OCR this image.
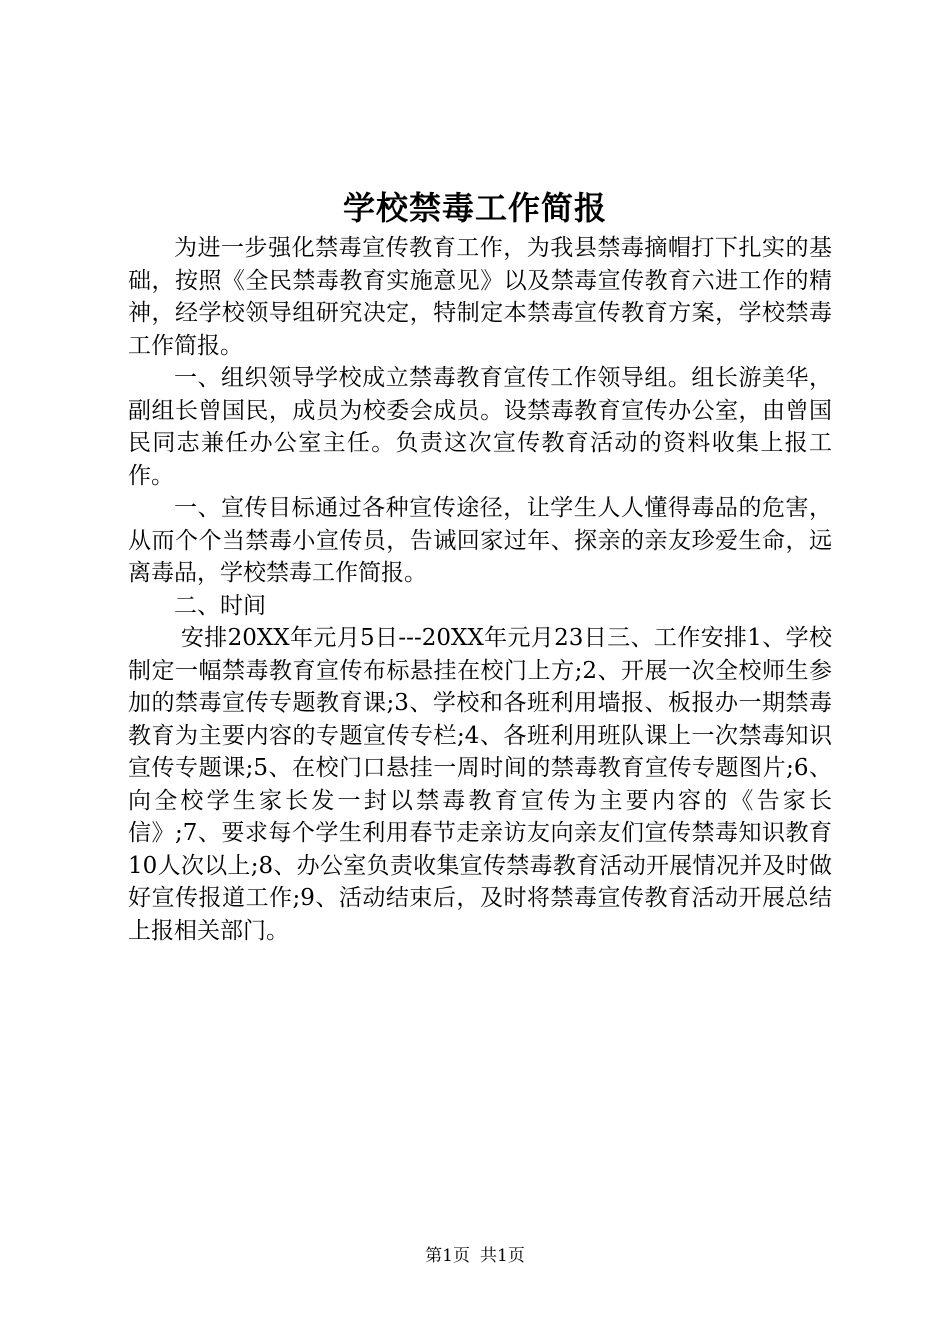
学校禁毒工作简报

为进一步强化禁毒宣传教育工作，为我县禁毒摘帽打下扎实的基础，按照《全民禁毒教育实施意见》以及禁毒宣传教育六进工作的精神，经学校领导组研究决定，特制定本禁毒宣传教育方案，学校禁毒工作简报。

一、组织领导学校成立禁毒教育宣传工作领导组。组长游美华，副组长曾国民，成员为校委会成员。设禁毒教育宣传办公室，由曾国民同志兼任办公室主任。负责这次宣传教育活动的资料收集上报工作。

一、宣传目标通过各种宣传途径，让学生人人懂得毒品的危害，从而个个当禁毒小宣传员，告诫回家过年、探亲的亲友珍爱生命，远离毒品，学校禁毒工作简报。

二、时间

安排20XX年元月5日---20XX年元月23日三、工作安排1、学校制定一幅禁毒教育宣传布标悬挂在校门上方;2、开展一次全校师生参加的禁毒宣传专题教育课;3、学校和各班利用墙报、板报办一期禁毒教育为主要内容的专题宣传专栏;4、各班利用班队课上一次禁毒知识宣传专题课;5、在校门口悬挂一周时间的禁毒教育宣传专题图片;6、向全校学生家长发一封以禁毒教育宣传为主要内容的《告家长信》;7、要求每个学生利用春节走亲访友向亲友们宣传禁毒知识教育10人次以上;8、办公室负责收集宣传禁毒教育活动开展情况并及时做好宣传报道工作;9、活动结束后，及时将禁毒宣传教育活动开展总结上报相关部门。

第1页 共1页
